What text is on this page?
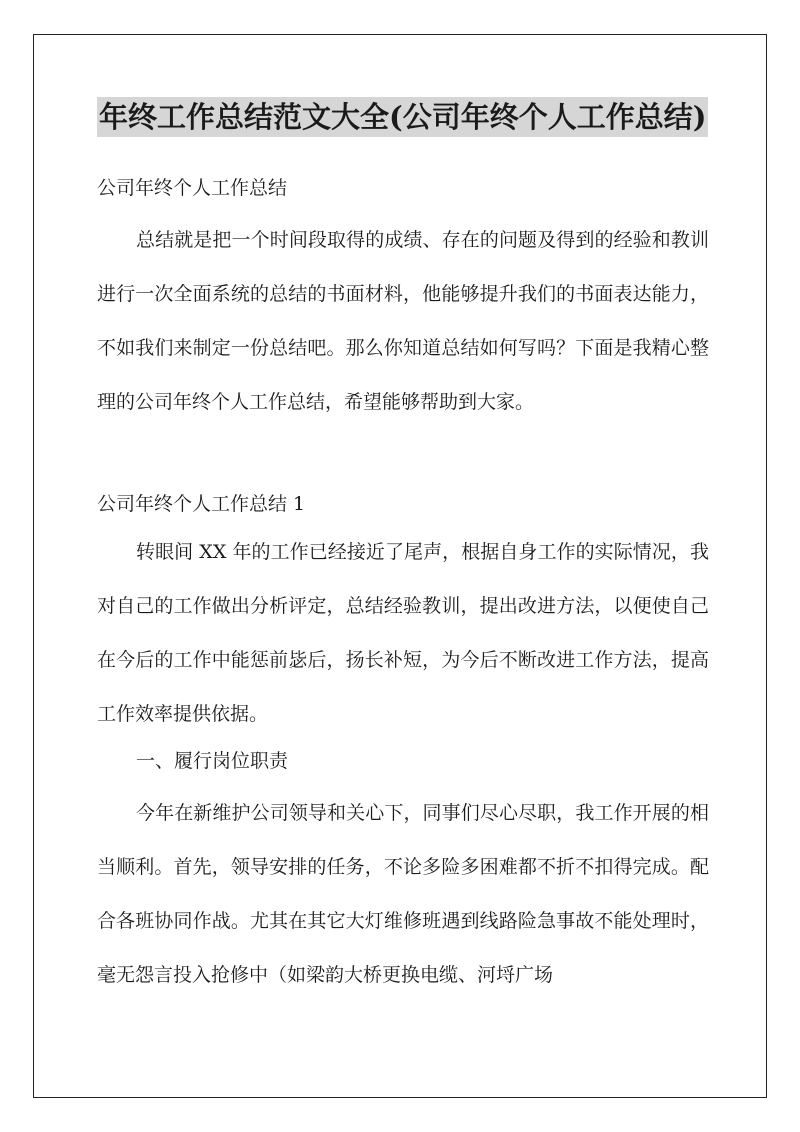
年终工作总结范文大全(公司年终个人工作总结)
公司年终个人工作总结
总结就是把一个时间段取得的成绩、存在的问题及得到的经验和教训进行一次全面系统的总结的书面材料，他能够提升我们的书面表达能力，不如我们来制定一份总结吧。那么你知道总结如何写吗？下面是我精心整理的公司年终个人工作总结，希望能够帮助到大家。
公司年终个人工作总结 1
转眼间 XX 年的工作已经接近了尾声，根据自身工作的实际情况，我对自己的工作做出分析评定，总结经验教训，提出改进方法，以便使自己在今后的工作中能惩前毖后，扬长补短，为今后不断改进工作方法，提高工作效率提供依据。
一、履行岗位职责
今年在新维护公司领导和关心下，同事们尽心尽职，我工作开展的相当顺利。首先，领导安排的任务，不论多险多困难都不折不扣得完成。配合各班协同作战。尤其在其它大灯维修班遇到线路险急事故不能处理时，毫无怨言投入抢修中（如梁韵大桥更换电缆、河埒广场
